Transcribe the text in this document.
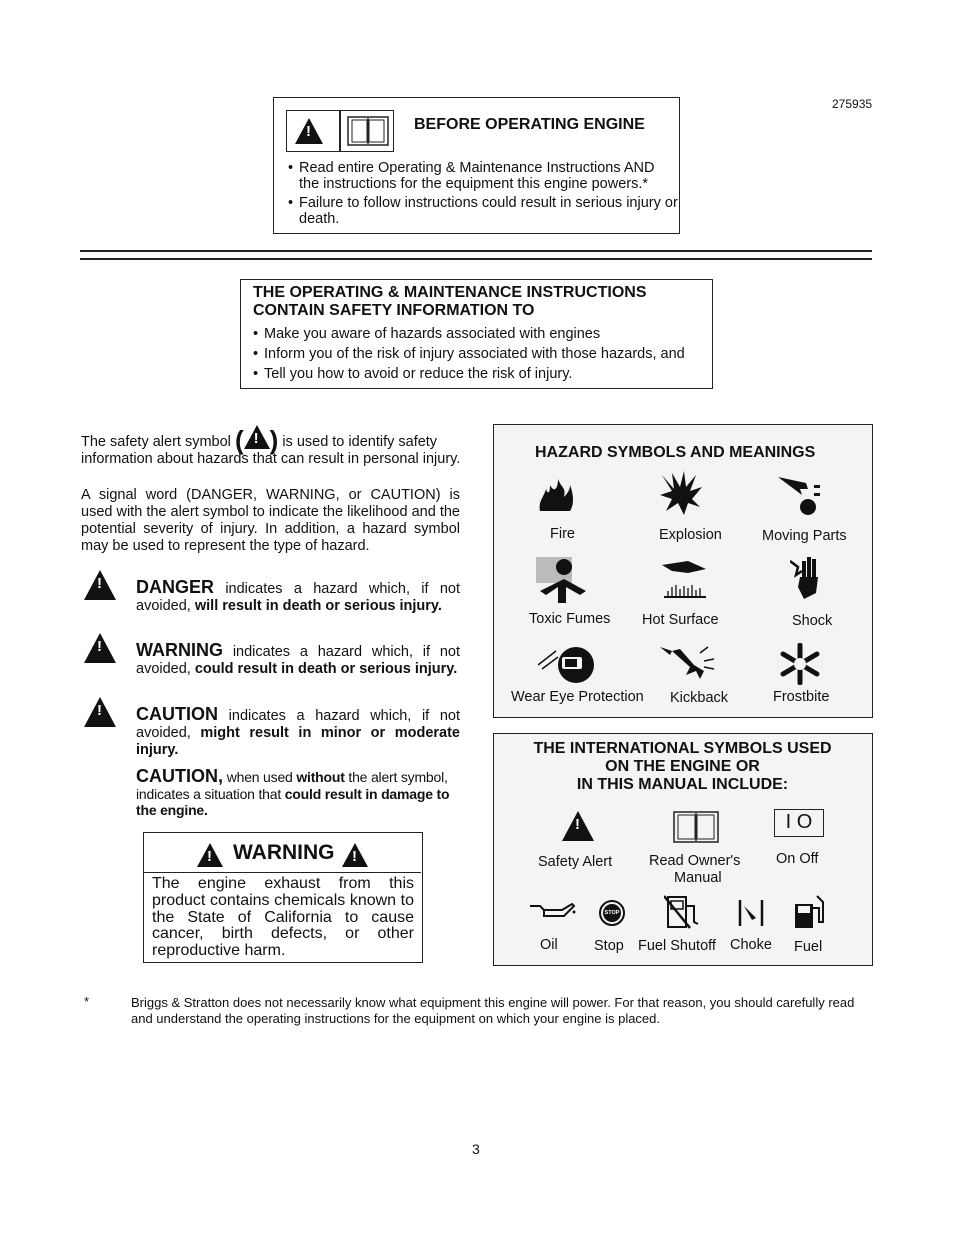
275935
!
BEFORE OPERATING ENGINE
• Read entire Operating & Maintenance Instructions AND the instructions for the equipment this engine powers.*
• Failure to follow instructions could result in serious injury or death.
THE OPERATING & MAINTENANCE INSTRUCTIONS
CONTAIN SAFETY INFORMATION TO
• Make you aware of hazards associated with engines
• Inform you of the risk of injury associated with those hazards, and
• Tell you how to avoid or reduce the risk of injury.
The safety alert symbol (! ) is used to identify safety
information about hazards that can result in personal injury.
A signal word (DANGER, WARNING, or CAUTION) is used with the alert symbol to indicate the likelihood and the potential severity of injury. In addition, a hazard symbol may be used to represent the type of hazard.
!
DANGER indicates a hazard which, if not avoided, will result in death or serious injury.
!
WARNING indicates a hazard which, if not avoided, could result in death or serious injury.
!
CAUTION indicates a hazard which, if not avoided, might result in minor or moderate injury.
CAUTION, when used without the alert symbol, indicates a situation that could result in damage to the engine.
!
WARNING
!
The engine exhaust from this product contains chemicals known to the State of California to cause cancer, birth defects, or other reproductive harm.
HAZARD SYMBOLS AND MEANINGS
Fire	Explosion	Moving Parts
Toxic Fumes Hot Surface	Shock
Wear Eye Protection Kickback	Frostbite
THE INTERNATIONAL SYMBOLS USED
ON THE ENGINE OR
IN THIS MANUAL INCLUDE:
!
I O
Safety Alert	Read Owner's
Manual
On Off
STOP
Oil	Stop Fuel Shutoff Choke Fuel
*	Briggs & Stratton does not necessarily know what equipment this engine will power. For that reason, you should carefully read and understand the operating instructions for the equipment on which your engine is placed.
3
